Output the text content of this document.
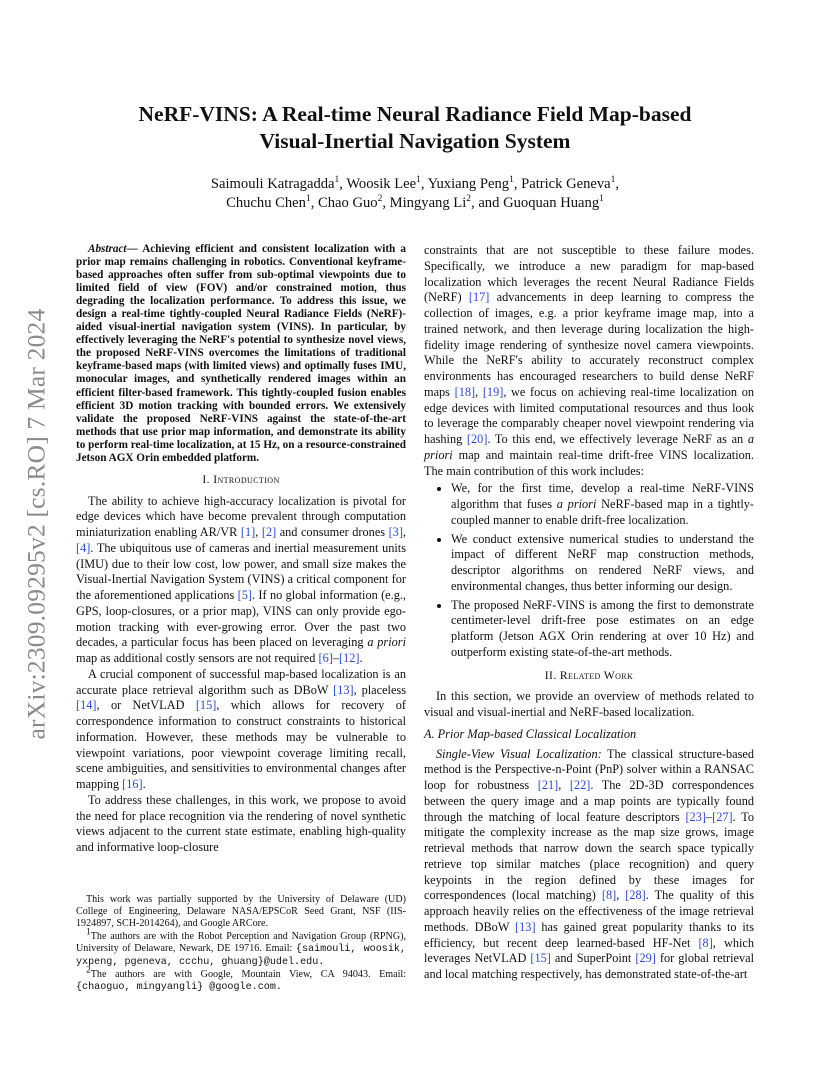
arXiv:2309.09295v2 [cs.RO] 7 Mar 2024
NeRF-VINS: A Real-time Neural Radiance Field Map-based
Visual-Inertial Navigation System
Saimouli Katragadda$^1$, Woosik Lee$^1$, Yuxiang Peng$^1$, Patrick Geneva$^1$,
Chuchu Chen$^1$, Chao Guo$^2$, Mingyang Li$^2$, and Guoquan Huang$^1$

Abstract— Achieving efficient and consistent localization with a prior map remains challenging in robotics. Conventional keyframe-based approaches often suffer from sub-optimal viewpoints due to limited field of view (FOV) and/or constrained motion, thus degrading the localization performance. To address this issue, we design a real-time tightly-coupled Neural Radiance Fields (NeRF)-aided visual-inertial navigation system (VINS). In particular, by effectively leveraging the NeRF's potential to synthesize novel views, the proposed NeRF-VINS overcomes the limitations of traditional keyframe-based maps (with limited views) and optimally fuses IMU, monocular images, and synthetically rendered images within an efficient filter-based framework. This tightly-coupled fusion enables efficient 3D motion tracking with bounded errors. We extensively validate the proposed NeRF-VINS against the state-of-the-art methods that use prior map information, and demonstrate its ability to perform real-time localization, at 15 Hz, on a resource-constrained Jetson AGX Orin embedded platform.

I. Introduction

The ability to achieve high-accuracy localization is pivotal for edge devices which have become prevalent through computation miniaturization enabling AR/VR [1], [2] and consumer drones [3], [4]. The ubiquitous use of cameras and inertial measurement units (IMU) due to their low cost, low power, and small size makes the Visual-Inertial Navigation System (VINS) a critical component for the aforementioned applications [5]. If no global information (e.g., GPS, loop-closures, or a prior map), VINS can only provide ego-motion tracking with ever-growing error. Over the past two decades, a particular focus has been placed on leveraging a priori map as additional costly sensors are not required [6]–[12].

A crucial component of successful map-based localization is an accurate place retrieval algorithm such as DBoW [13], placeless [14], or NetVLAD [15], which allows for recovery of correspondence information to construct constraints to historical information. However, these methods may be vulnerable to viewpoint variations, poor viewpoint coverage limiting recall, scene ambiguities, and sensitivities to environmental changes after mapping [16].

To address these challenges, in this work, we propose to avoid the need for place recognition via the rendering of novel synthetic views adjacent to the current state estimate, enabling high-quality and informative loop-closure

This work was partially supported by the University of Delaware (UD) College of Engineering, Delaware NASA/EPSCoR Seed Grant, NSF (IIS-1924897, SCH-2014264), and Google ARCore.

$^1$The authors are with the Robot Perception and Navigation Group (RPNG), University of Delaware, Newark, DE 19716. Email: {saimouli, woosik, yxpeng, pgeneva, ccchu, ghuang}@udel.edu.

$^2$The authors are with Google, Mountain View, CA 94043. Email: {chaoguo, mingyangli} @google.com.

constraints that are not susceptible to these failure modes. Specifically, we introduce a new paradigm for map-based localization which leverages the recent Neural Radiance Fields (NeRF) [17] advancements in deep learning to compress the collection of images, e.g. a prior keyframe image map, into a trained network, and then leverage during localization the high-fidelity image rendering of synthesize novel camera viewpoints. While the NeRF's ability to accurately reconstruct complex environments has encouraged researchers to build dense NeRF maps [18], [19], we focus on achieving real-time localization on edge devices with limited computational resources and thus look to leverage the comparably cheaper novel viewpoint rendering via hashing [20]. To this end, we effectively leverage NeRF as an a priori map and maintain real-time drift-free VINS localization. The main contribution of this work includes:

• We, for the first time, develop a real-time NeRF-VINS algorithm that fuses a priori NeRF-based map in a tightly-coupled manner to enable drift-free localization.
• We conduct extensive numerical studies to understand the impact of different NeRF map construction methods, descriptor algorithms on rendered NeRF views, and environmental changes, thus better informing our design.
• The proposed NeRF-VINS is among the first to demonstrate centimeter-level drift-free pose estimates on an edge platform (Jetson AGX Orin rendering at over 10 Hz) and outperform existing state-of-the-art methods.
II. Related Work

In this section, we provide an overview of methods related to visual and visual-inertial and NeRF-based localization.

A. Prior Map-based Classical Localization

Single-View Visual Localization: The classical structure-based method is the Perspective-n-Point (PnP) solver within a RANSAC loop for robustness [21], [22]. The 2D-3D correspondences between the query image and a map points are typically found through the matching of local feature descriptors [23]–[27]. To mitigate the complexity increase as the map size grows, image retrieval methods that narrow down the search space typically retrieve top similar matches (place recognition) and query keypoints in the region defined by these images for correspondences (local matching) [8], [28]. The quality of this approach heavily relies on the effectiveness of the image retrieval methods. DBoW [13] has gained great popularity thanks to its efficiency, but recent deep learned-based HF-Net [8], which leverages NetVLAD [15] and SuperPoint [29] for global retrieval and local matching respectively, has demonstrated state-of-the-art
